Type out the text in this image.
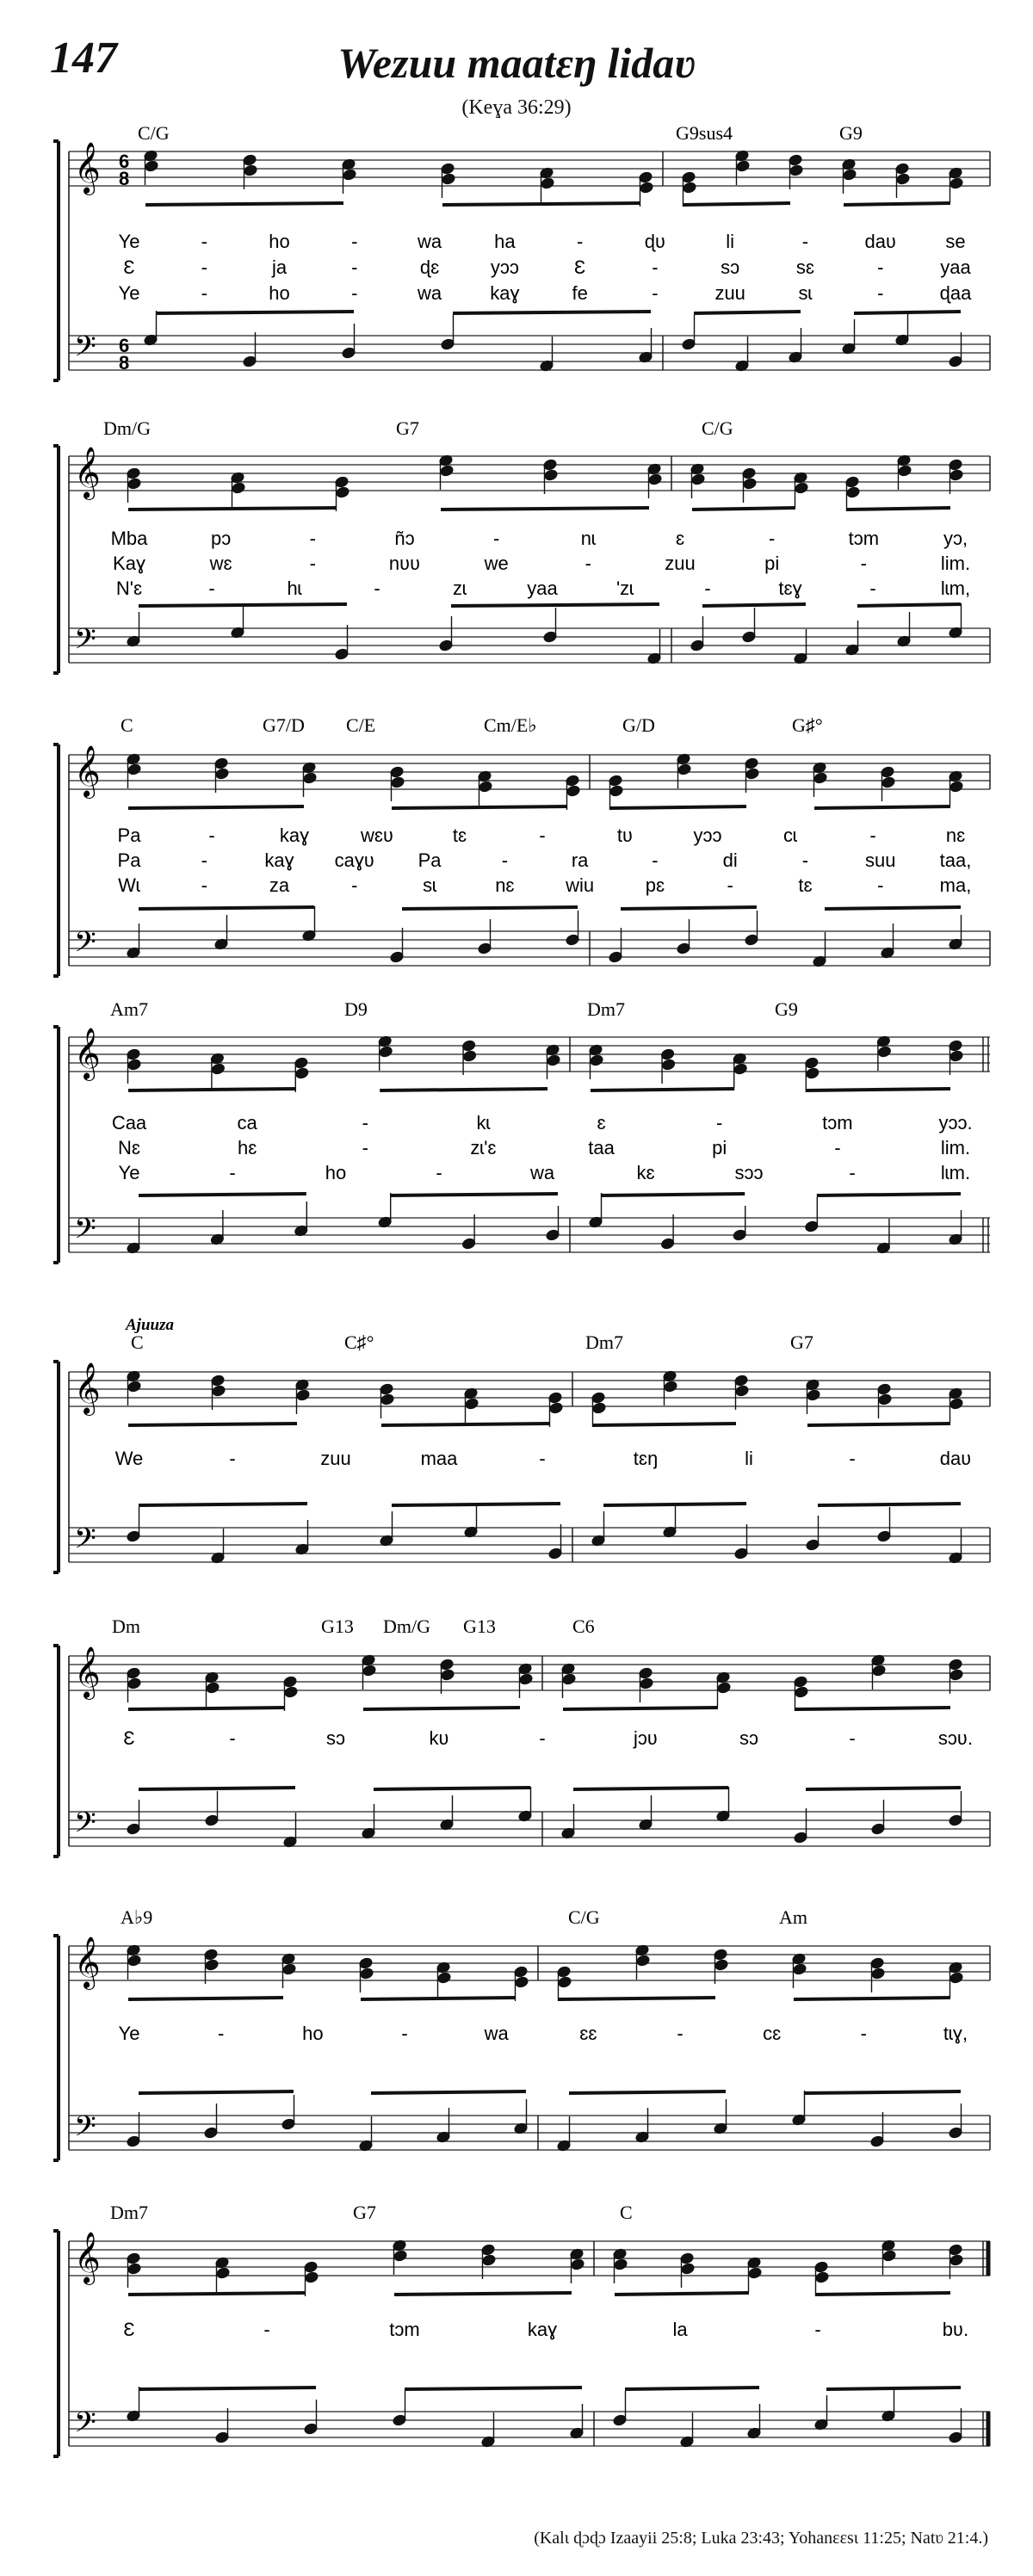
147	Wezuu maatɛŋ lidaʋ
(Keɣa 36:29)
𝄞
𝄢
6
8
6
8
C/G	G9sus4	G9
Ye	-	ho	-	wa	ha	-	ɖʋ	li	-	daʋ	se
Ɛ	-	ja	-	ɖɛ	yɔɔ	Ɛ	-	sɔ	sɛ	-	yaa
Ye	-	ho	-	wa	kaɣ	fe	-	zuu	sɩ	-	ɖaa
𝄞
𝄢
Dm/G	G7	C/G
Mba	pɔ	-	ñɔ	-	nɩ	ɛ	-	tɔm	yɔ,
Kaɣ	wɛ	-	nʋʋ	we	-	zuu	pi	-	lim.
N'ɛ	-	hɩ	-	zɩ	yaa	'zɩ	-	tɛɣ	-	lɩm,
𝄞
𝄢
C	G7/D C/E	Cm/E♭	G/D	G♯°
Pa	-	kaɣ	wɛʋ	tɛ	-	tʋ	yɔɔ	cɩ	-	nɛ
Pa	-	kaɣ caɣʋ Pa	-	ra	-	di	-	suu taa,
Wɩ	-	za	-	sɩ	nɛ	wiu	pɛ	-	tɛ	-	ma,
𝄞
𝄢
Am7	D9	Dm7	G9
Caa	ca	-	kɩ	ɛ	-	tɔm	yɔɔ.
Nɛ	hɛ	-	zɩ'ɛ	taa	pi	-	lim.
Ye	-	ho	-	wa	kɛ	sɔɔ	-	lɩm.
𝄞
𝄢
Ajuuza
C	C♯°	Dm7	G7
We	-	zuu	maa	-	tɛŋ	li	-	daʋ
𝄞
𝄢
Dm	G13 Dm/G G13	C6
Ɛ	-	sɔ	kʋ	-	jɔʋ	sɔ	-	sɔʋ.
𝄞
𝄢
A♭9	C/G	Am
Ye	-	ho	-	wa	ɛɛ	-	cɛ	-	tɩɣ,
𝄞
𝄢
Dm7	G7	C
Ɛ	-	tɔm	kaɣ	la	-	bʋ.
(Kalɩ ɖɔɖɔ Izaayii 25:8; Luka 23:43; Yohanɛɛsɩ 11:25; Natʋ 21:4.)
